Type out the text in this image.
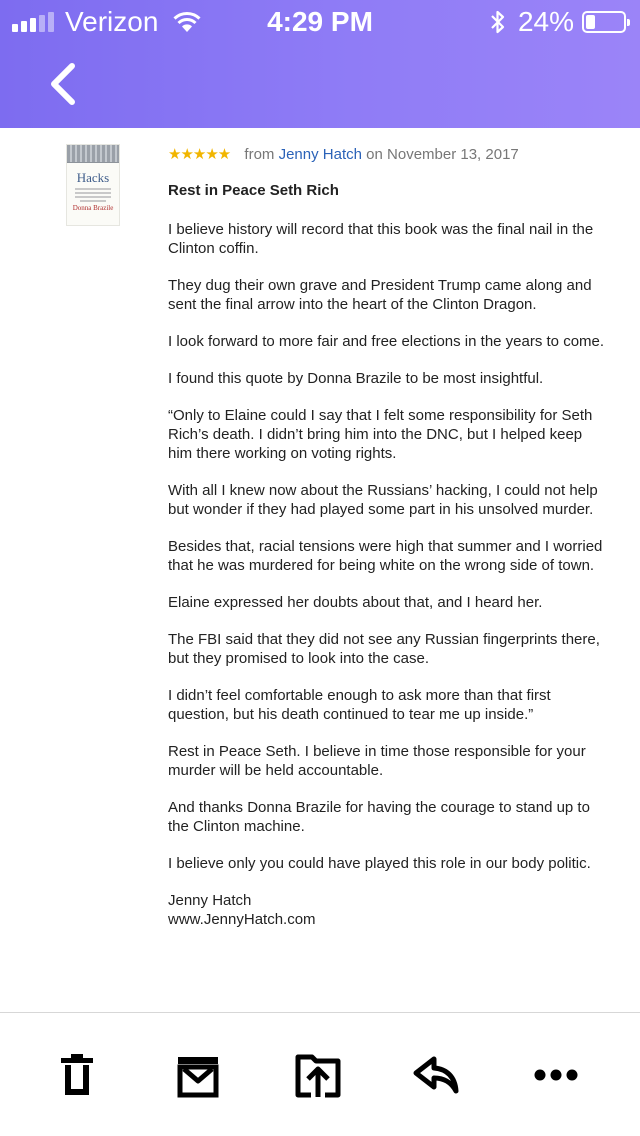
Verizon	4:29 PM	24%
Hacks
Donna Brazile
★★★★★ from Jenny Hatch on November 13, 2017
Rest in Peace Seth Rich

I believe history will record that this book was the final nail in the Clinton coffin.

They dug their own grave and President Trump came along and sent the final arrow into the heart of the Clinton Dragon.

I look forward to more fair and free elections in the years to come.

I found this quote by Donna Brazile to be most insightful.

“Only to Elaine could I say that I felt some responsibility for Seth Rich’s death. I didn’t bring him into the DNC, but I helped keep him there working on voting rights.

With all I knew now about the Russians’ hacking, I could not help but wonder if they had played some part in his unsolved murder.

Besides that, racial tensions were high that summer and I worried that he was murdered for being white on the wrong side of town.

Elaine expressed her doubts about that, and I heard her.

The FBI said that they did not see any Russian fingerprints there, but they promised to look into the case.

I didn’t feel comfortable enough to ask more than that first question, but his death continued to tear me up inside.”

Rest in Peace Seth. I believe in time those responsible for your murder will be held accountable.

And thanks Donna Brazile for having the courage to stand up to the Clinton machine.

I believe only you could have played this role in our body politic.

Jenny Hatch
www.JennyHatch.com
